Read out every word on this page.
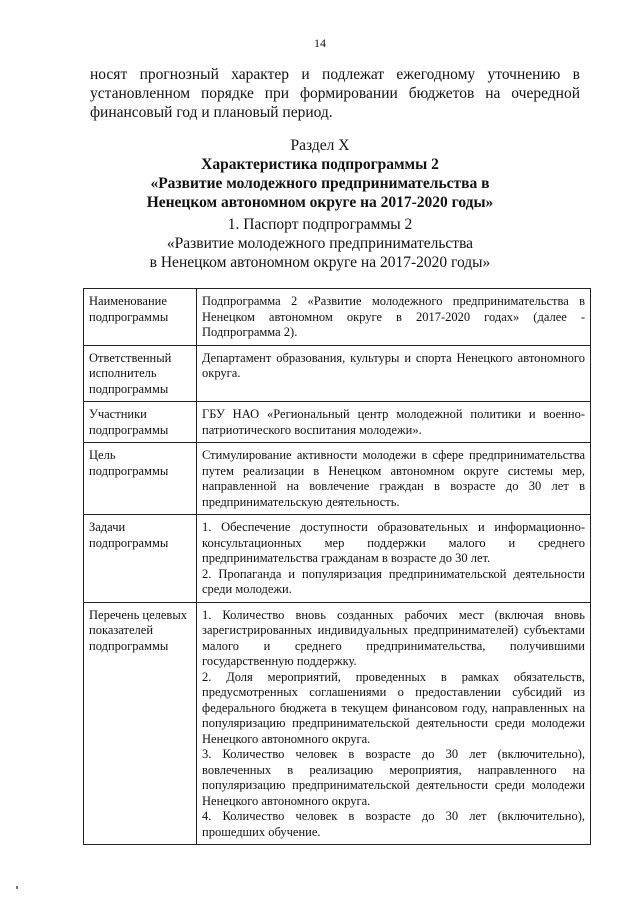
14
носят прогнозный характер и подлежат ежегодному уточнению в
установленном порядке при формировании бюджетов на очередной
финансовый год и плановый период.
Раздел X
Характеристика подпрограммы 2
«Развитие молодежного предпринимательства в
Ненецком автономном округе на 2017-2020 годы»
1. Паспорт подпрограммы 2
«Развитие молодежного предпринимательства
в Ненецком автономном округе на 2017-2020 годы»
Наименование подпрограммы	Подпрограмма 2 «Развитие молодежного предпринимательства в Ненецком автономном округе в 2017-2020 годах» (далее - Подпрограмма 2).

Ответственный исполнитель подпрограммы	Департамент образования, культуры и спорта Ненецкого автономного округа.

Участники подпрограммы	ГБУ НАО «Региональный центр молодежной политики и военно-патриотического воспитания молодежи».

Цель подпрограммы	Стимулирование активности молодежи в сфере предпринимательства путем реализации в Ненецком автономном округе системы мер, направленной на вовлечение граждан в возрасте до 30 лет в предпринимательскую деятельность.

Задачи подпрограммы	1. Обеспечение доступности образовательных и информационно-консультационных мер поддержки малого и среднего предпринимательства гражданам в возрасте до 30 лет.
2. Пропаганда и популяризация предпринимательской деятельности среди молодежи.

Перечень целевых показателей подпрограммы	1. Количество вновь созданных рабочих мест (включая вновь зарегистрированных индивидуальных предпринимателей) субъектами малого и среднего предпринимательства, получившими государственную поддержку.
2. Доля мероприятий, проведенных в рамках обязательств, предусмотренных соглашениями о предоставлении субсидий из федерального бюджета в текущем финансовом году, направленных на популяризацию предпринимательской деятельности среди молодежи Ненецкого автономного округа.
3. Количество человек в возрасте до 30 лет (включительно), вовлеченных в реализацию мероприятия, направленного на популяризацию предпринимательской деятельности среди молодежи Ненецкого автономного округа.
4. Количество человек в возрасте до 30 лет (включительно), прошедших обучение.
